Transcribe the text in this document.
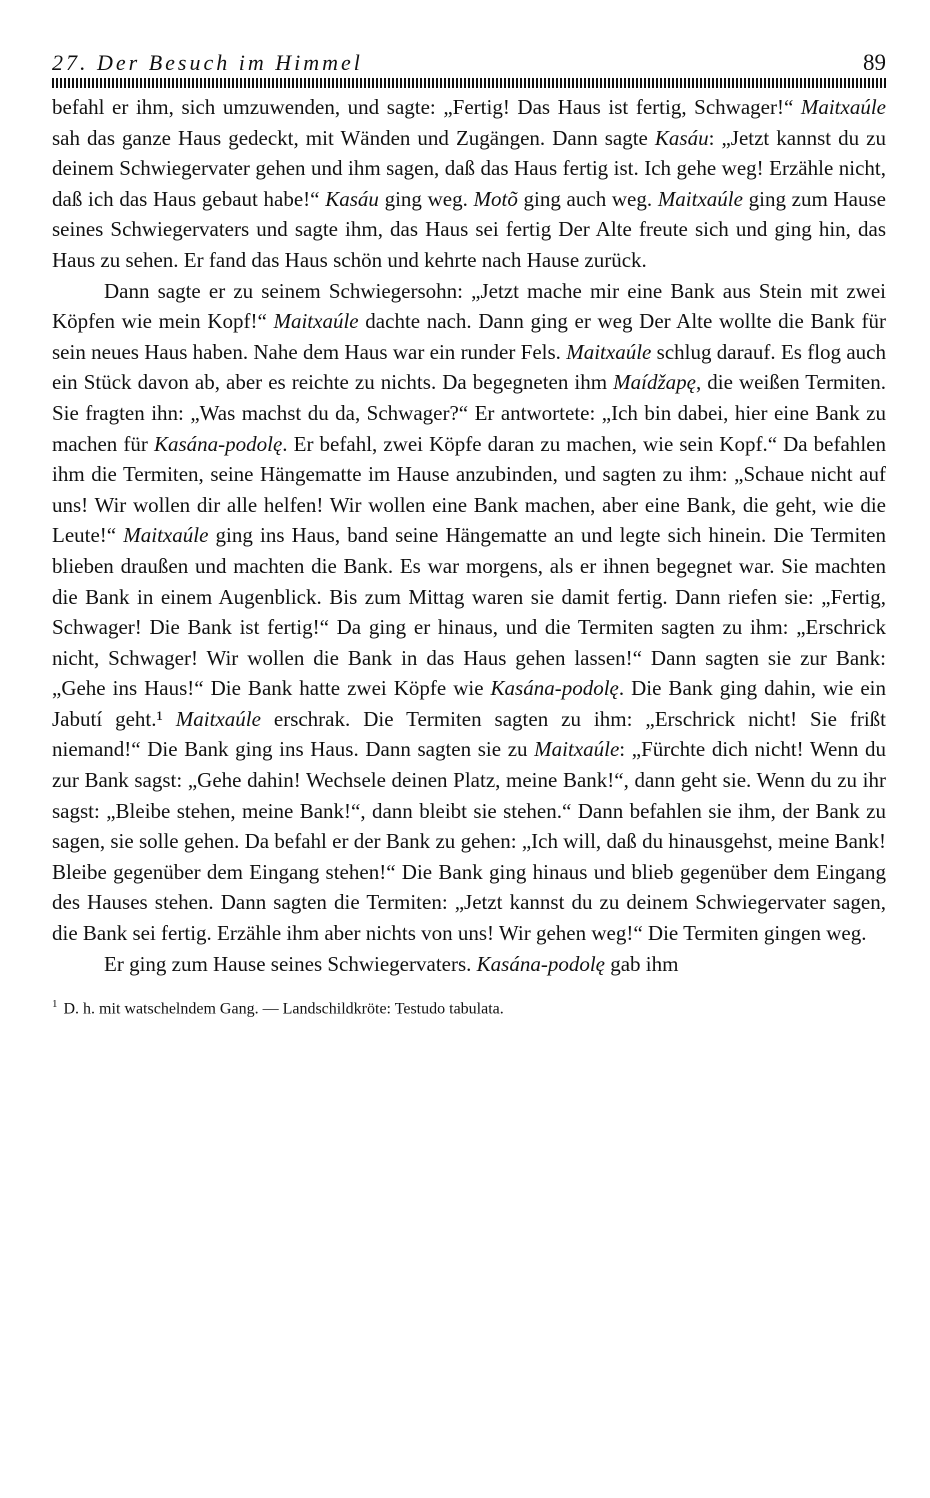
27. Der Besuch im Himmel	89

befahl er ihm, sich umzuwenden, und sagte: „Fertig! Das Haus ist fertig, Schwager!“ Maitxaúle sah das ganze Haus gedeckt, mit Wänden und Zugängen. Dann sagte Kasáu: „Jetzt kannst du zu deinem Schwiegervater gehen und ihm sagen, daß das Haus fertig ist. Ich gehe weg! Erzähle nicht, daß ich das Haus gebaut habe!“ Kasáu ging weg. Motõ ging auch weg. Maitxaúle ging zum Hause seines Schwiegervaters und sagte ihm, das Haus sei fertig Der Alte freute sich und ging hin, das Haus zu sehen. Er fand das Haus schön und kehrte nach Hause zurück.

Dann sagte er zu seinem Schwiegersohn: „Jetzt mache mir eine Bank aus Stein mit zwei Köpfen wie mein Kopf!“ Maitxaúle dachte nach. Dann ging er weg Der Alte wollte die Bank für sein neues Haus haben. Nahe dem Haus war ein runder Fels. Maitxaúle schlug darauf. Es flog auch ein Stück davon ab, aber es reichte zu nichts. Da begegneten ihm Maídžapę, die weißen Termiten. Sie fragten ihn: „Was machst du da, Schwager?“ Er antwortete: „Ich bin dabei, hier eine Bank zu machen für Kasána-podolę. Er befahl, zwei Köpfe daran zu machen, wie sein Kopf.“ Da befahlen ihm die Termiten, seine Hängematte im Hause anzubinden, und sagten zu ihm: „Schaue nicht auf uns! Wir wollen dir alle helfen! Wir wollen eine Bank machen, aber eine Bank, die geht, wie die Leute!“ Maitxaúle ging ins Haus, band seine Hängematte an und legte sich hinein. Die Termiten blieben draußen und machten die Bank. Es war morgens, als er ihnen begegnet war. Sie machten die Bank in einem Augenblick. Bis zum Mittag waren sie damit fertig. Dann riefen sie: „Fertig, Schwager! Die Bank ist fertig!“ Da ging er hinaus, und die Termiten sagten zu ihm: „Erschrick nicht, Schwager! Wir wollen die Bank in das Haus gehen lassen!“ Dann sagten sie zur Bank: „Gehe ins Haus!“ Die Bank hatte zwei Köpfe wie Kasána-podolę. Die Bank ging dahin, wie ein Jabutí geht.¹ Maitxaúle erschrak. Die Termiten sagten zu ihm: „Erschrick nicht! Sie frißt niemand!“ Die Bank ging ins Haus. Dann sagten sie zu Maitxaúle: „Fürchte dich nicht! Wenn du zur Bank sagst: „Gehe dahin! Wechsele deinen Platz, meine Bank!“, dann geht sie. Wenn du zu ihr sagst: „Bleibe stehen, meine Bank!“, dann bleibt sie stehen.“ Dann befahlen sie ihm, der Bank zu sagen, sie solle gehen. Da befahl er der Bank zu gehen: „Ich will, daß du hinausgehst, meine Bank! Bleibe gegenüber dem Eingang stehen!“ Die Bank ging hinaus und blieb gegenüber dem Eingang des Hauses stehen. Dann sagten die Termiten: „Jetzt kannst du zu deinem Schwiegervater sagen, die Bank sei fertig. Erzähle ihm aber nichts von uns! Wir gehen weg!“ Die Termiten gingen weg.

Er ging zum Hause seines Schwiegervaters. Kasána-podolę gab ihm

$^1$ D. h. mit watschelndem Gang. — Landschildkröte: Testudo tabulata.
